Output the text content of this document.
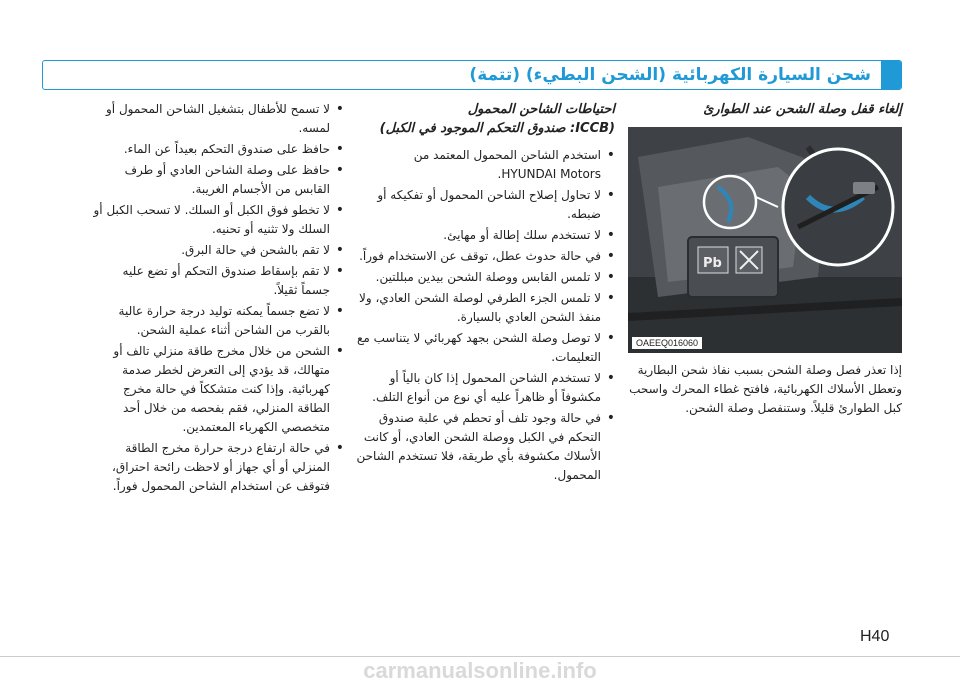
شحن السيارة الكهربائية (الشحن البطيء) (تتمة)
إلغاء قفل وصلة الشحن عند الطوارئ
Pb
OAEEQ016060

إذا تعذر فصل وصلة الشحن بسبب نفاذ شحن البطارية وتعطل الأسلاك الكهربائية، فافتح غطاء المحرك واسحب كبل الطوارئ قليلاً. وستنفصل وصلة الشحن.

احتياطات الشاحن المحمول
(ICCB: صندوق التحكم الموجود في الكبل)
• استخدم الشاحن المحمول المعتمد من HYUNDAI Motors.
• لا تحاول إصلاح الشاحن المحمول أو تفكيكه أو ضبطه.
• لا تستخدم سلك إطالة أو مهايئ.
• في حالة حدوث عطل، توقف عن الاستخدام فوراً.
• لا تلمس القابس ووصلة الشحن بيدين مبللتين.
• لا تلمس الجزء الطرفي لوصلة الشحن العادي، ولا منفذ الشحن العادي بالسيارة.
• لا توصل وصلة الشحن بجهد كهربائي لا يتناسب مع التعليمات.
• لا تستخدم الشاحن المحمول إذا كان بالياً أو مكشوفاً أو ظاهراً عليه أي نوع من أنواع التلف.
• في حالة وجود تلف أو تحطم في علبة صندوق التحكم في الكبل ووصلة الشحن العادي، أو كانت الأسلاك مكشوفة بأي طريقة، فلا تستخدم الشاحن المحمول.
• لا تسمح للأطفال بتشغيل الشاحن المحمول أو لمسه.
• حافظ على صندوق التحكم بعيداً عن الماء.
• حافظ على وصلة الشاحن العادي أو طرف القابس من الأجسام الغريبة.
• لا تخطو فوق الكبل أو السلك. لا تسحب الكبل أو السلك ولا تثنيه أو تحنيه.
• لا تقم بالشحن في حالة البرق.
• لا تقم بإسقاط صندوق التحكم أو تضع عليه جسماً ثقيلاً.
• لا تضع جسماً يمكنه توليد درجة حرارة عالية بالقرب من الشاحن أثناء عملية الشحن.
• الشحن من خلال مخرج طاقة منزلي تالف أو متهالك، قد يؤدي إلى التعرض لخطر صدمة كهربائية. وإذا كنت متشككاً في حالة مخرج الطاقة المنزلي، فقم بفحصه من خلال أحد متخصصي الكهرباء المعتمدين.
• في حالة ارتفاع درجة حرارة مخرج الطاقة المنزلي أو أي جهاز أو لاحظت رائحة احتراق، فتوقف عن استخدام الشاحن المحمول فوراً.
H40
carmanualsonline.info
